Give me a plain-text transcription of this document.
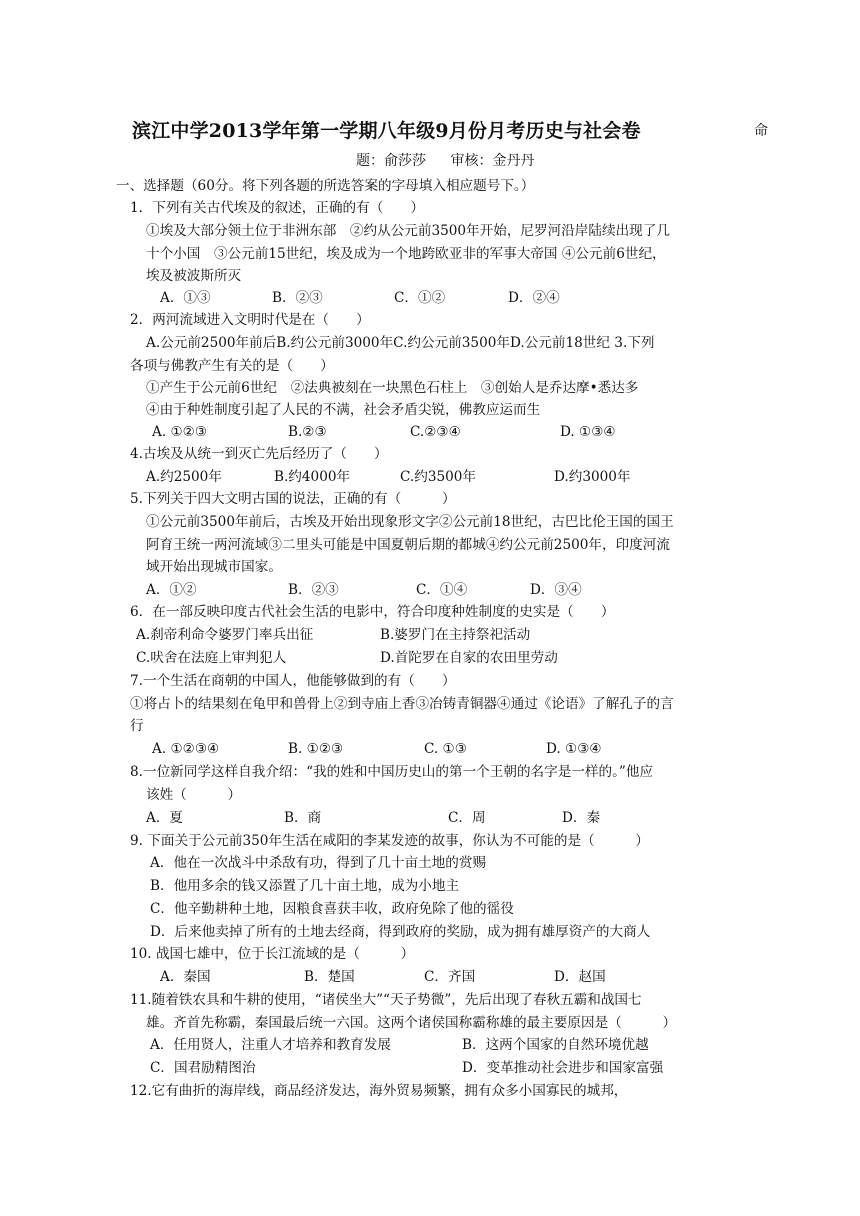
滨江中学2013学年第一学期八年级9月份月考历史与社会卷	命
题：俞莎莎 审核：金丹丹
一、选择题（60分。将下列各题的所选答案的字母填入相应题号下。）
1．下列有关古代埃及的叙述，正确的有（　　）
①埃及大部分领土位于非洲东部　②约从公元前3500年开始，尼罗河沿岸陆续出现了几
十个小国　③公元前15世纪，埃及成为一个地跨欧亚非的军事大帝国 ④公元前6世纪，
埃及被波斯所灭
A．①③	B．②③	C．①②	D．②④
2．两河流域进入文明时代是在（　　）
A.公元前2500年前后B.约公元前3000年C.约公元前3500年D.公元前18世纪 3.下列
各项与佛教产生有关的是（　　）
①产生于公元前6世纪　②法典被刻在一块黑色石柱上　③创始人是乔达摩•悉达多
④由于种姓制度引起了人民的不满，社会矛盾尖锐，佛教应运而生
A. ①②③	B.②③	C.②③④	D. ①③④
4.古埃及从统一到灭亡先后经历了（　　）
A.约2500年	B.约4000年	C.约3500年	D.约3000年
5.下列关于四大文明古国的说法，正确的有（　　　）
①公元前3500年前后，古埃及开始出现象形文字②公元前18世纪，古巴比伦王国的国王
阿育王统一两河流域③二里头可能是中国夏朝后期的都城④约公元前2500年，印度河流
域开始出现城市国家。
A．①②	B．②③	C．①④	D．③④
6．在一部反映印度古代社会生活的电影中，符合印度种姓制度的史实是（　　）
A.刹帝利命令婆罗门率兵出征	B.婆罗门在主持祭祀活动
C.吠舍在法庭上审判犯人	D.首陀罗在自家的农田里劳动
7.一个生活在商朝的中国人，他能够做到的有（　　）
①将占卜的结果刻在龟甲和兽骨上②到寺庙上香③冶铸青铜器④通过《论语》了解孔子的言
行
A. ①②③④	B. ①②③	C. ①③	D. ①③④
8.一位新同学这样自我介绍：“我的姓和中国历史山的第一个王朝的名字是一样的。”他应
该姓（　　　）
A．夏	B．商	C．周	D．秦
9. 下面关于公元前350年生活在咸阳的李某发迹的故事，你认为不可能的是（　　　）
A．他在一次战斗中杀敌有功，得到了几十亩土地的赏赐
B．他用多余的钱又添置了几十亩土地，成为小地主
C．他辛勤耕种土地，因粮食喜获丰收，政府免除了他的徭役
D．后来他卖掉了所有的土地去经商，得到政府的奖励，成为拥有雄厚资产的大商人
10. 战国七雄中，位于长江流域的是（　　　）
A．秦国	B．楚国	C．齐国	D．赵国
11.随着铁农具和牛耕的使用，“诸侯坐大”“天子势微”，先后出现了春秋五霸和战国七
雄。齐首先称霸，秦国最后统一六国。这两个诸侯国称霸称雄的最主要原因是（　　　）
A．任用贤人，注重人才培养和教育发展	B．这两个国家的自然环境优越
C．国君励精图治	D．变革推动社会进步和国家富强
12.它有曲折的海岸线，商品经济发达，海外贸易频繁，拥有众多小国寡民的城邦，
